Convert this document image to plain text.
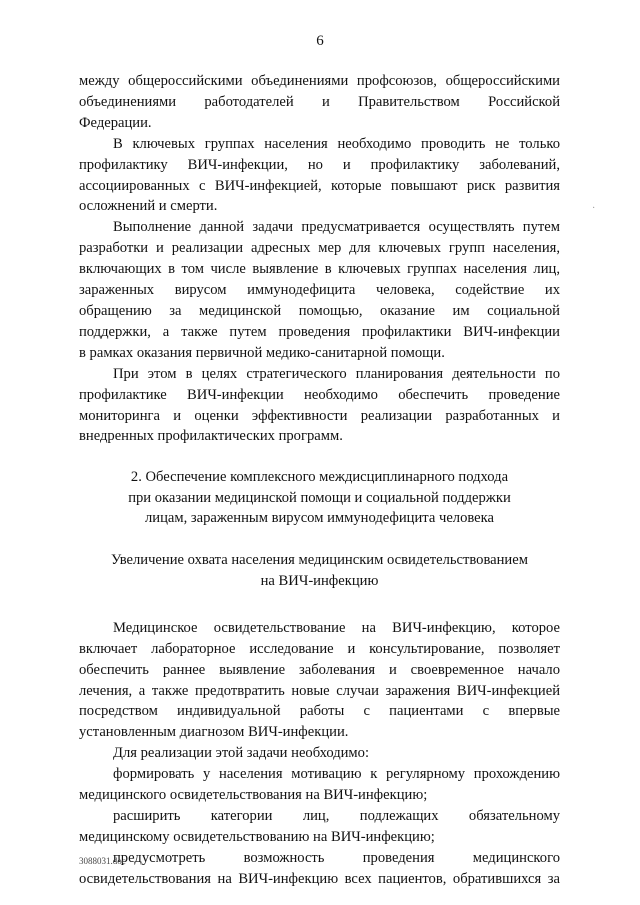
6

между общероссийскими объединениями профсоюзов, общероссийскими

объединениями работодателей и Правительством Российской

Федерации.

В ключевых группах населения необходимо проводить не только

профилактику ВИЧ-инфекции, но и профилактику заболеваний,

ассоциированных с ВИЧ-инфекцией, которые повышают риск развития

осложнений и смерти.

Выполнение данной задачи предусматривается осуществлять путем

разработки и реализации адресных мер для ключевых групп населения,

включающих в том числе выявление в ключевых группах населения лиц,

зараженных вирусом иммунодефицита человека, содействие их

обращению за медицинской помощью, оказание им социальной

поддержки, а также путем проведения профилактики ВИЧ-инфекции

в рамках оказания первичной медико-санитарной помощи.

При этом в целях стратегического планирования деятельности по

профилактике ВИЧ-инфекции необходимо обеспечить проведение

мониторинга и оценки эффективности реализации разработанных и

внедренных профилактических программ.

2. Обеспечение комплексного междисциплинарного подхода

при оказании медицинской помощи и социальной поддержки

лицам, зараженным вирусом иммунодефицита человека

Увеличение охвата населения медицинским освидетельствованием

на ВИЧ-инфекцию

Медицинское освидетельствование на ВИЧ-инфекцию, которое

включает лабораторное исследование и консультирование, позволяет

обеспечить раннее выявление заболевания и своевременное начало

лечения, а также предотвратить новые случаи заражения ВИЧ-инфекцией

посредством индивидуальной работы с пациентами с впервые

установленным диагнозом ВИЧ-инфекции.

Для реализации этой задачи необходимо:

формировать у населения мотивацию к регулярному прохождению

медицинского освидетельствования на ВИЧ-инфекцию;

расширить категории лиц, подлежащих обязательному

медицинскому освидетельствованию на ВИЧ-инфекцию;

предусмотреть возможность проведения медицинского

освидетельствования на ВИЧ-инфекцию всех пациентов, обратившихся за

·
3088031.doc
